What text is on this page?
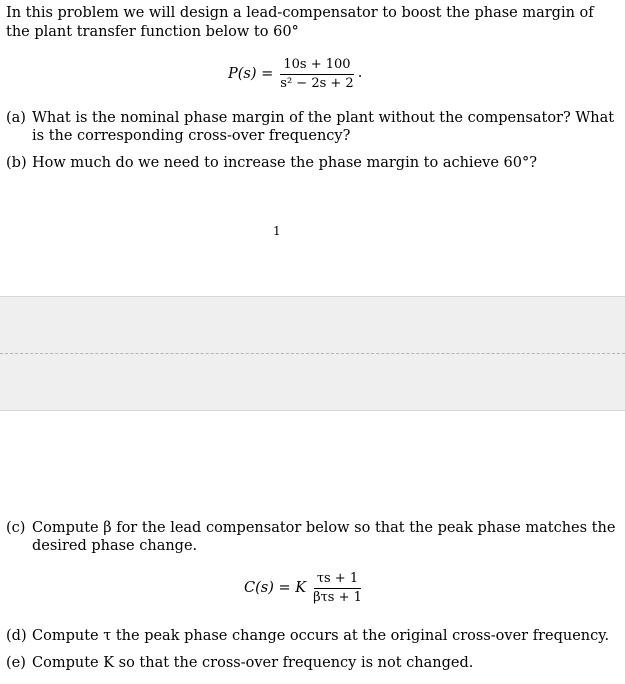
In this problem we will design a lead-compensator to boost the phase margin of the plant transfer function below to 60°
$P(s) = \frac{10s + 100}{\text{s² − 2s + 2}}$ .
(a) What is the nominal phase margin of the plant without the compensator? What is the corresponding cross-over frequency?
(b) How much do we need to increase the phase margin to achieve 60°?
1
(c) Compute β for the lead compensator below so that the peak phase matches the desired phase change.
C(s) = K $\frac{\tau s + 1}{\text{βτs + 1}}$
(d) Compute τ the peak phase change occurs at the original cross-over frequency.
(e) Compute K so that the cross-over frequency is not changed.
